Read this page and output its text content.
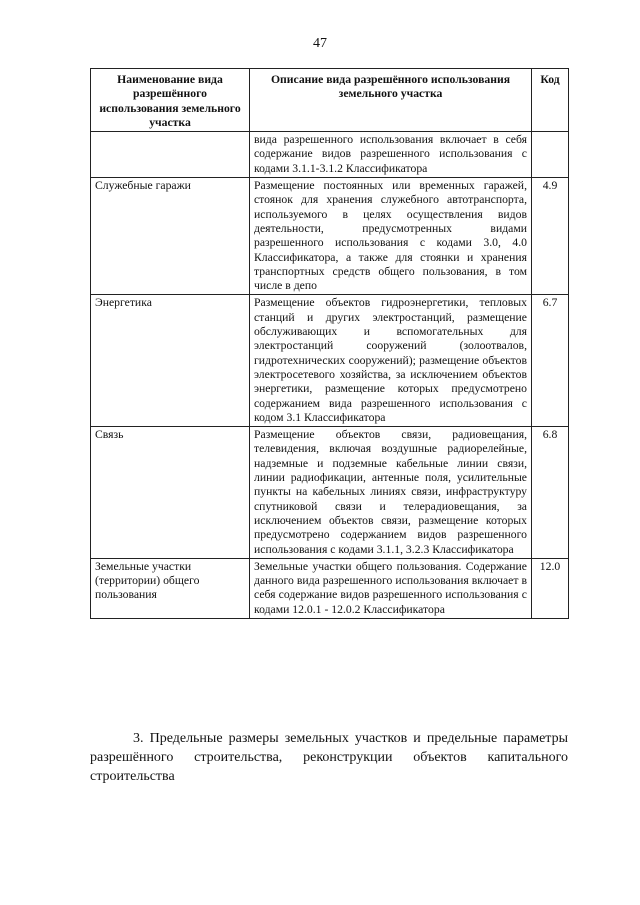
47
Наименование вида разрешённого использования земельного участка	Описание вида разрешённого использования земельного участка	Код
	вида разрешенного использования включает в себя содержание видов разрешенного использования с кодами 3.1.1-3.1.2 Классификатора	
Служебные гаражи	Размещение постоянных или временных гаражей, стоянок для хранения служебного автотранспорта, используемого в целях осуществления видов деятельности, предусмотренных видами разрешенного использования с кодами 3.0, 4.0 Классификатора, а также для стоянки и хранения транспортных средств общего пользования, в том числе в депо	4.9
Энергетика	Размещение объектов гидроэнергетики, тепловых станций и других электростанций, размещение обслуживающих и вспомогательных для электростанций сооружений (золоотвалов, гидротехнических сооружений); размещение объектов электросетевого хозяйства, за исключением объектов энергетики, размещение которых предусмотрено содержанием вида разрешенного использования с кодом 3.1 Классификатора	6.7
Связь	Размещение объектов связи, радиовещания, телевидения, включая воздушные радиорелейные, надземные и подземные кабельные линии связи, линии радиофикации, антенные поля, усилительные пункты на кабельных линиях связи, инфраструктуру спутниковой связи и телерадиовещания, за исключением объектов связи, размещение которых предусмотрено содержанием видов разрешенного использования с кодами 3.1.1, 3.2.3 Классификатора	6.8
Земельные участки (территории) общего пользования	Земельные участки общего пользования. Содержание данного вида разрешенного использования включает в себя содержание видов разрешенного использования с кодами 12.0.1 - 12.0.2 Классификатора	12.0

3. Предельные размеры земельных участков и предельные параметры разрешённого строительства, реконструкции объектов капитального строительства
